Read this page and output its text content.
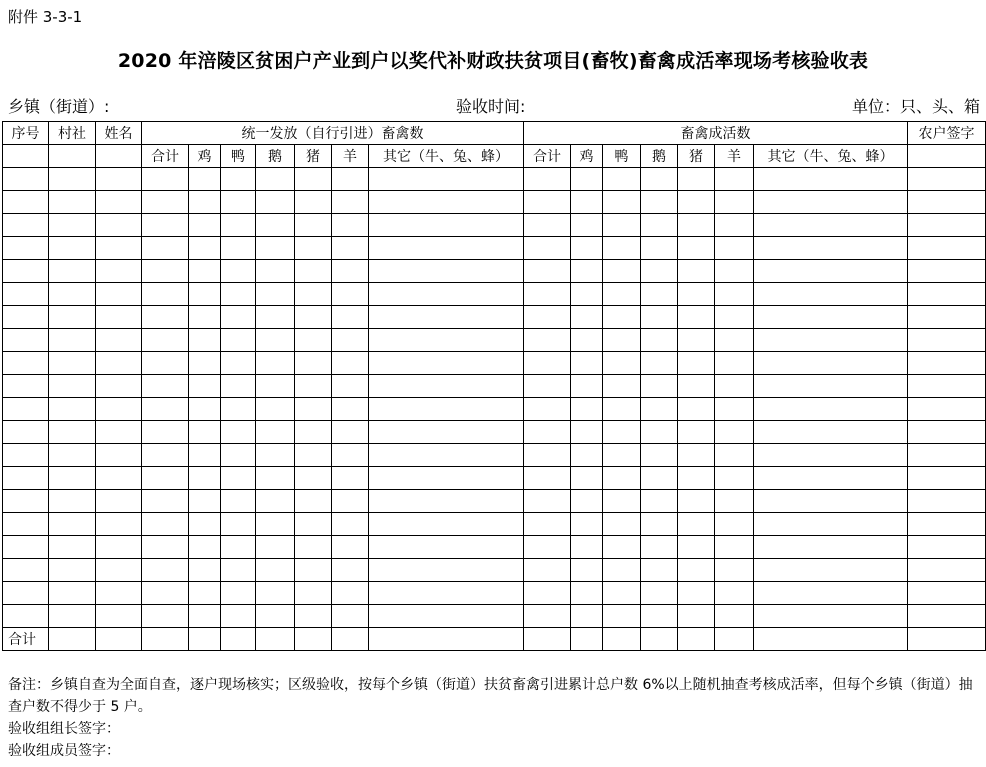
附件 3-3-1
2020 年涪陵区贫困户产业到户以奖代补财政扶贫项目(畜牧)畜禽成活率现场考核验收表
乡镇（街道）:	验收时间:	单位：只、头、箱
序号	村社	姓名	统一发放（自行引进）畜禽数							畜禽成活数							农户签字
			合计	鸡	鸭	鹅	猪	羊	其它（牛、兔、蜂）	合计	鸡	鸭	鹅	猪	羊	其它（牛、兔、蜂）	

合计																	
备注：乡镇自查为全面自查，逐户现场核实；区级验收，按每个乡镇（街道）扶贫畜禽引进累计总户数 6%以上随机抽查考核成活率，但每个乡镇（街道）抽查户数不得少于 5 户。
验收组组长签字：
验收组成员签字：
